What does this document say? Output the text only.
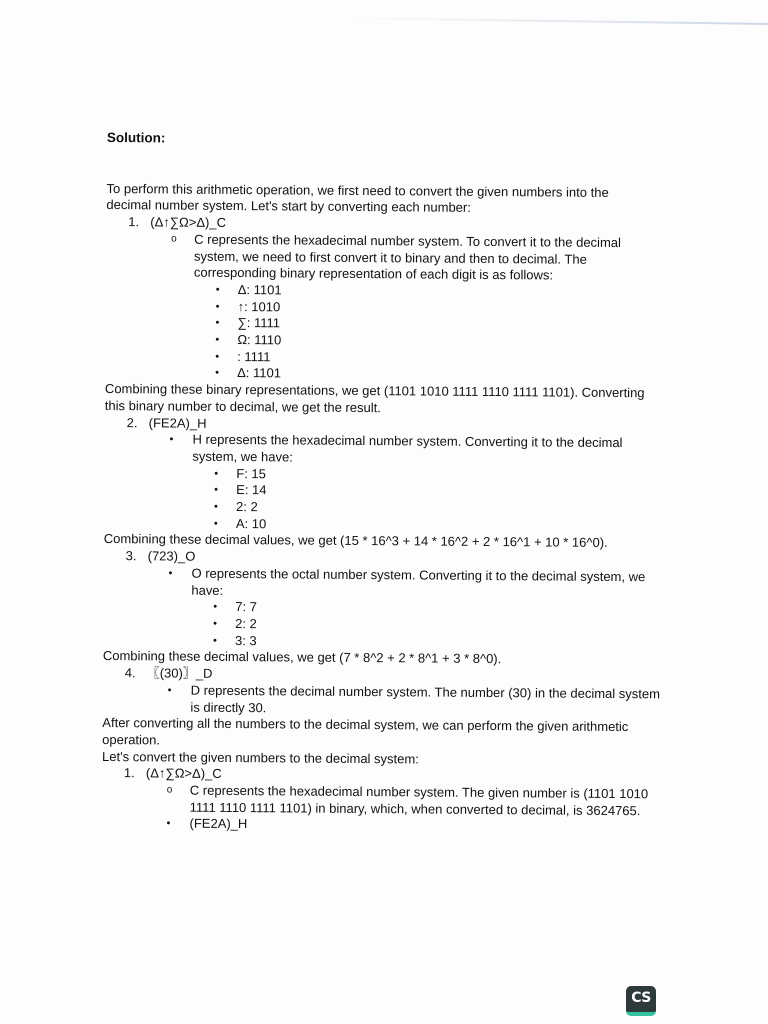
Solution:

To perform this arithmetic operation, we first need to convert the given numbers into the

decimal number system. Let's start by converting each number:

1. (Δ↑∑Ω>Δ)_C

o	C represents the hexadecimal number system. To convert it to the decimal

system, we need to first convert it to binary and then to decimal. The

corresponding binary representation of each digit is as follows:

•	Δ: 1101

•	↑: 1010

•	∑: 1111

•	Ω: 1110

•	: 1111

•	Δ: 1101

Combining these binary representations, we get (1101 1010 1111 1110 1111 1101). Converting

this binary number to decimal, we get the result.

2. (FE2A)_H

•	H represents the hexadecimal number system. Converting it to the decimal

system, we have:

•	F: 15

•	E: 14

•	2: 2

•	A: 10

Combining these decimal values, we get (15 * 16^3 + 14 * 16^2 + 2 * 16^1 + 10 * 16^0).

3. (723)_O

•	O represents the octal number system. Converting it to the decimal system, we

have:

•	7: 7

•	2: 2

•	3: 3

Combining these decimal values, we get (7 * 8^2 + 2 * 8^1 + 3 * 8^0).

4. 〖(30)〗_D

•	D represents the decimal number system. The number (30) in the decimal system

is directly 30.

After converting all the numbers to the decimal system, we can perform the given arithmetic

operation.

Let's convert the given numbers to the decimal system:

1. (Δ↑∑Ω>Δ)_C

o	C represents the hexadecimal number system. The given number is (1101 1010

1111 1110 1111 1101) in binary, which, when converted to decimal, is 3624765.

•	(FE2A)_H

CS
